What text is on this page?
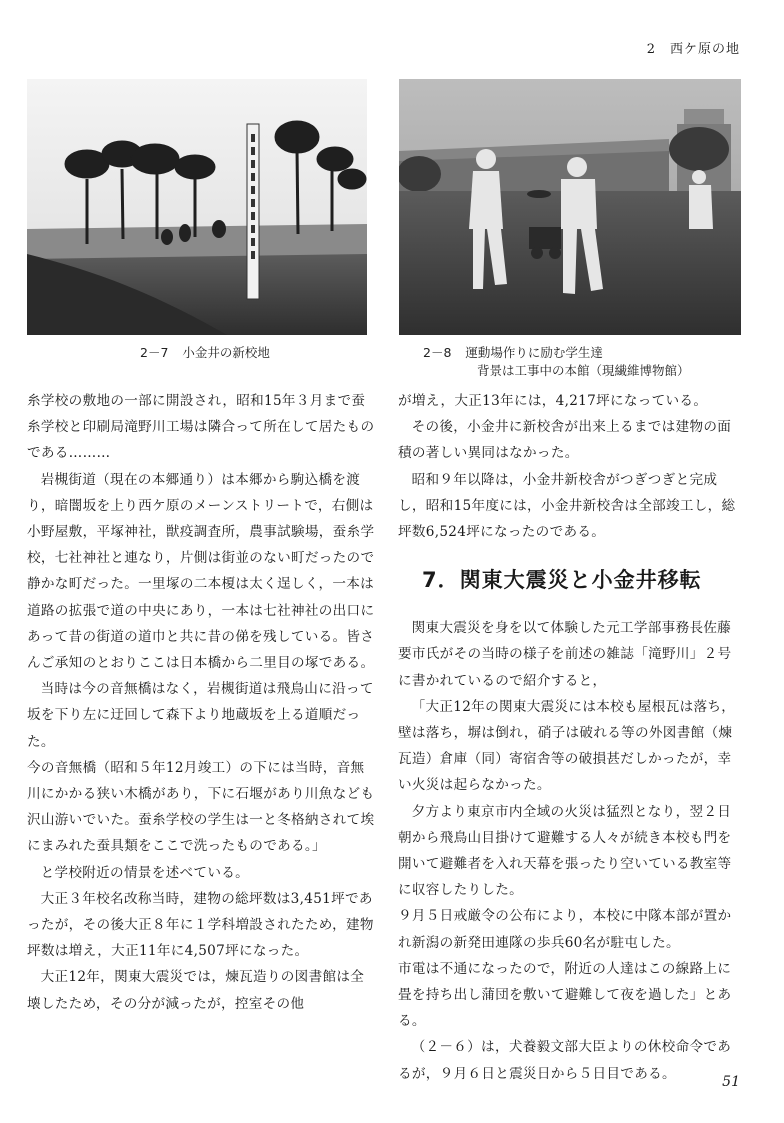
2　西ケ原の地
2－7 小金井の新校地	2－8 運動場作りに励む学生達
背景は工事中の本館（現繊維博物館）

糸学校の敷地の一部に開設され，昭和15年３月まで蚕糸学校と印刷局滝野川工場は隣合って所在して居たものである………

岩槻街道（現在の本郷通り）は本郷から駒込橋を渡り，暗闇坂を上り西ケ原のメーンストリートで，右側は小野屋敷，平塚神社，獣疫調査所，農事試験場，蚕糸学校，七社神社と連なり，片側は街並のない町だったので静かな町だった。一里塚の二本榎は太く逞しく，一本は道路の拡張で道の中央にあり，一本は七社神社の出口にあって昔の街道の道巾と共に昔の俤を残している。皆さんご承知のとおりここは日本橋から二里目の塚である。

当時は今の音無橋はなく，岩槻街道は飛鳥山に沿って坂を下り左に迂回して森下より地蔵坂を上る道順だった。

今の音無橋（昭和５年12月竣工）の下には当時，音無川にかかる狭い木橋があり，下に石堰があり川魚なども沢山游いでいた。蚕糸学校の学生は一と冬格納されて埃にまみれた蚕具類をここで洗ったものである。」

と学校附近の情景を述べている。

大正３年校名改称当時，建物の総坪数は3,451坪であったが，その後大正８年に１学科増設されたため，建物坪数は増え，大正11年に4,507坪になった。

大正12年，関東大震災では，煉瓦造りの図書館は全壊したため，その分が減ったが，控室その他

が増え，大正13年には，4,217坪になっている。

その後，小金井に新校舎が出来上るまでは建物の面積の著しい異同はなかった。

昭和９年以降は，小金井新校舎がつぎつぎと完成し，昭和15年度には，小金井新校舎は全部竣工し，総坪数6,524坪になったのである。

7．関東大震災と小金井移転

関東大震災を身を以て体験した元工学部事務長佐藤要市氏がその当時の様子を前述の雑誌「滝野川」２号に書かれているので紹介すると，

「大正12年の関東大震災には本校も屋根瓦は落ち，壁は落ち，塀は倒れ，硝子は破れる等の外図書館（煉瓦造）倉庫（同）寄宿舎等の破損甚だしかったが，幸い火災は起らなかった。

夕方より東京市内全域の火災は猛烈となり，翌２日朝から飛鳥山目掛けて避難する人々が続き本校も門を開いて避難者を入れ天幕を張ったり空いている教室等に収容したりした。

９月５日戒厳令の公布により，本校に中隊本部が置かれ新潟の新発田連隊の歩兵60名が駐屯した。

市電は不通になったので，附近の人達はこの線路上に畳を持ち出し蒲団を敷いて避難して夜を過した」とある。

（２－６）は，犬養毅文部大臣よりの休校命令であるが，９月６日と震災日から５日目である。

51
